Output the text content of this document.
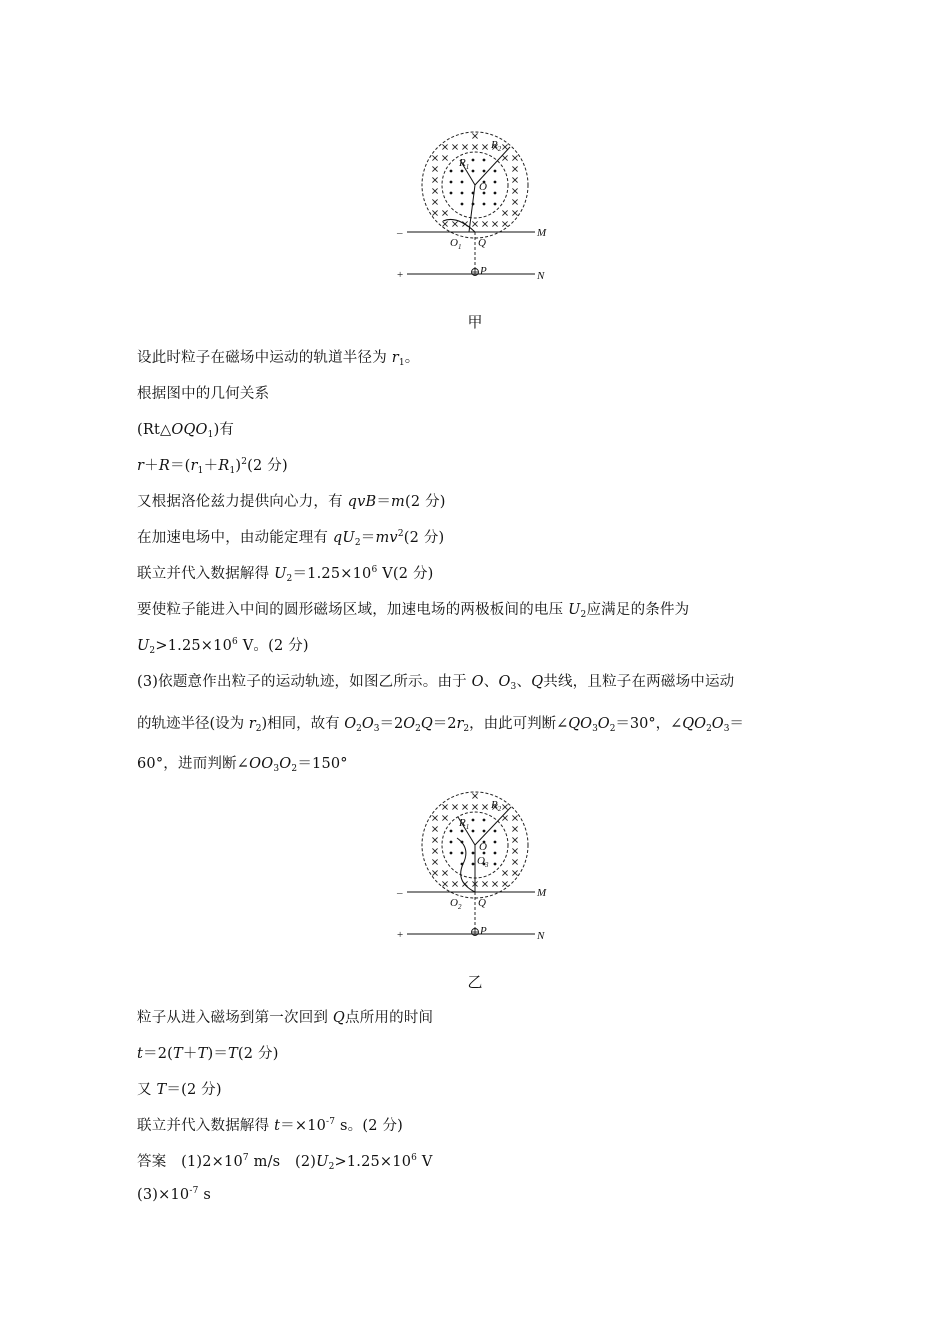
$R_1$
$R_2$
O
$O_1$ Q
P
M
N
–
+
甲
设此时粒子在磁场中运动的轨道半径为 $r_1$。
根据图中的几何关系
$(Rt\triangle OQO_1)$有
$r+R=(r_1+R_1)^2(2$ 分)
又根据洛伦兹力提供向心力，有 qvB＝m(2 分)
在加速电场中，由动能定理有 $qU_2=mv^2(2$ 分)
联立并代入数据解得 $U_2=1.25\times 10^6$ V(2 分)
要使粒子能进入中间的圆形磁场区域，加速电场的两极板间的电压 $U_2$应满足的条件为
$U_2>1.25\times 10^6$ V。(2 分)
(3)依题意作出粒子的运动轨迹，如图乙所示。由于 O、$O_3$、Q共线，且粒子在两磁场中运动
的轨迹半径(设为 $r_2$)相同，故有 $O_2O_3=2O_2Q=2r_2$，由此可判断$\angle QO_3O_2=30^\circ$，$\angle QO_2O_3=$
60°，进而判断$\angle OO_3O_2=150^\circ$
$R_1$
$R_2$
O
$O_3$
$O_2$ Q
P
M
N
–
+
乙
粒子从进入磁场到第一次回到 Q点所用的时间
t＝2(T＋T)＝T(2 分)
又 T＝(2 分)
联立并代入数据解得 $t=\times 10^{-7}$ s。(2 分)
答案　$(1)2\times 10^7$ m/s　$(2)U_2>1.25\times 10^6$ V
$(3)\times 10^{-7}$ s
